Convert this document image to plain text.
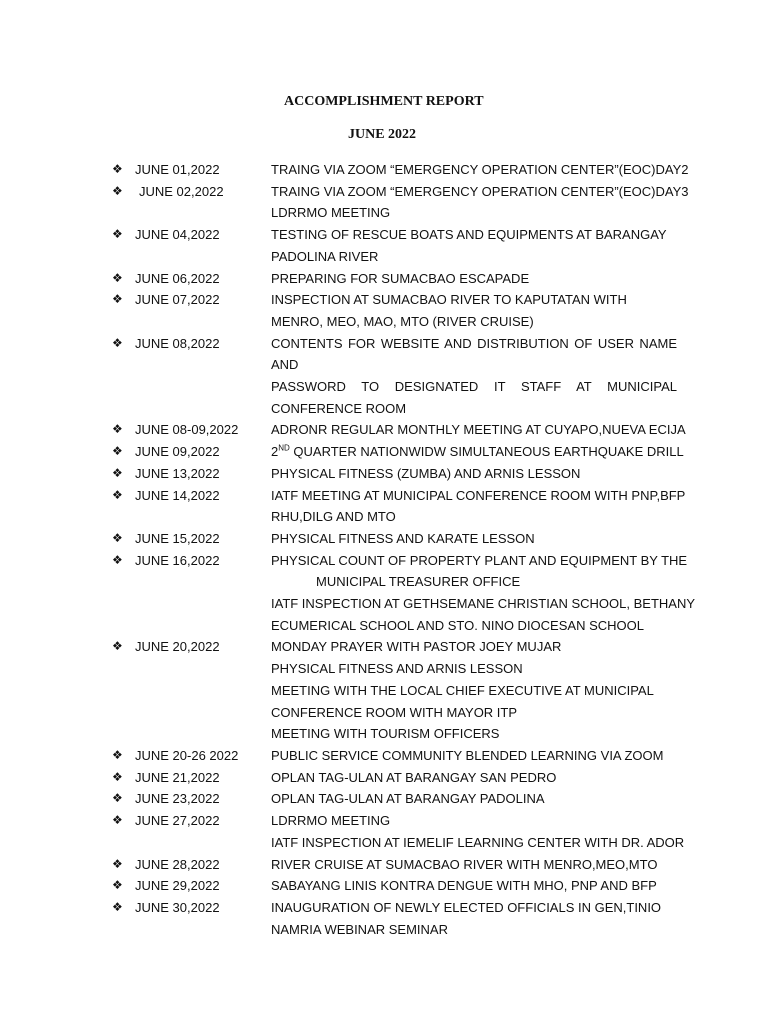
ACCOMPLISHMENT REPORT
JUNE 2022
❖ JUNE 01,2022	TRAING VIA ZOOM “EMERGENCY OPERATION CENTER”(EOC)DAY2
❖ JUNE 02,2022	TRAING VIA ZOOM “EMERGENCY OPERATION CENTER”(EOC)DAY3
LDRRMO MEETING
❖ JUNE 04,2022	TESTING OF RESCUE BOATS AND EQUIPMENTS AT BARANGAY
PADOLINA RIVER
❖ JUNE 06,2022	PREPARING FOR SUMACBAO ESCAPADE
❖ JUNE 07,2022	INSPECTION AT SUMACBAO RIVER TO KAPUTATAN WITH
MENRO, MEO, MAO, MTO (RIVER CRUISE)
❖ JUNE 08,2022	CONTENTS FOR WEBSITE AND DISTRIBUTION OF USER NAME AND
PASSWORD TO DESIGNATED IT STAFF AT MUNICIPAL
CONFERENCE ROOM
❖ JUNE 08-09,2022	ADRONR REGULAR MONTHLY MEETING AT CUYAPO,NUEVA ECIJA
❖ JUNE 09,2022	2ND QUARTER NATIONWIDW SIMULTANEOUS EARTHQUAKE DRILL
❖ JUNE 13,2022	PHYSICAL FITNESS (ZUMBA) AND ARNIS LESSON
❖ JUNE 14,2022	IATF MEETING AT MUNICIPAL CONFERENCE ROOM WITH PNP,BFP
RHU,DILG AND MTO
❖ JUNE 15,2022	PHYSICAL FITNESS AND KARATE LESSON
❖ JUNE 16,2022	PHYSICAL COUNT OF PROPERTY PLANT AND EQUIPMENT BY THE
MUNICIPAL TREASURER OFFICE
IATF INSPECTION AT GETHSEMANE CHRISTIAN SCHOOL, BETHANY
ECUMERICAL SCHOOL AND STO. NINO DIOCESAN SCHOOL
❖ JUNE 20,2022	MONDAY PRAYER WITH PASTOR JOEY MUJAR
PHYSICAL FITNESS AND ARNIS LESSON
MEETING WITH THE LOCAL CHIEF EXECUTIVE AT MUNICIPAL
CONFERENCE ROOM WITH MAYOR ITP
MEETING WITH TOURISM OFFICERS
❖ JUNE 20-26 2022	PUBLIC SERVICE COMMUNITY BLENDED LEARNING VIA ZOOM
❖ JUNE 21,2022	OPLAN TAG-ULAN AT BARANGAY SAN PEDRO
❖ JUNE 23,2022	OPLAN TAG-ULAN AT BARANGAY PADOLINA
❖ JUNE 27,2022	LDRRMO MEETING
IATF INSPECTION AT IEMELIF LEARNING CENTER WITH DR. ADOR
❖ JUNE 28,2022	RIVER CRUISE AT SUMACBAO RIVER WITH MENRO,MEO,MTO
❖ JUNE 29,2022	SABAYANG LINIS KONTRA DENGUE WITH MHO, PNP AND BFP
❖ JUNE 30,2022	INAUGURATION OF NEWLY ELECTED OFFICIALS IN GEN,TINIO
NAMRIA WEBINAR SEMINAR
